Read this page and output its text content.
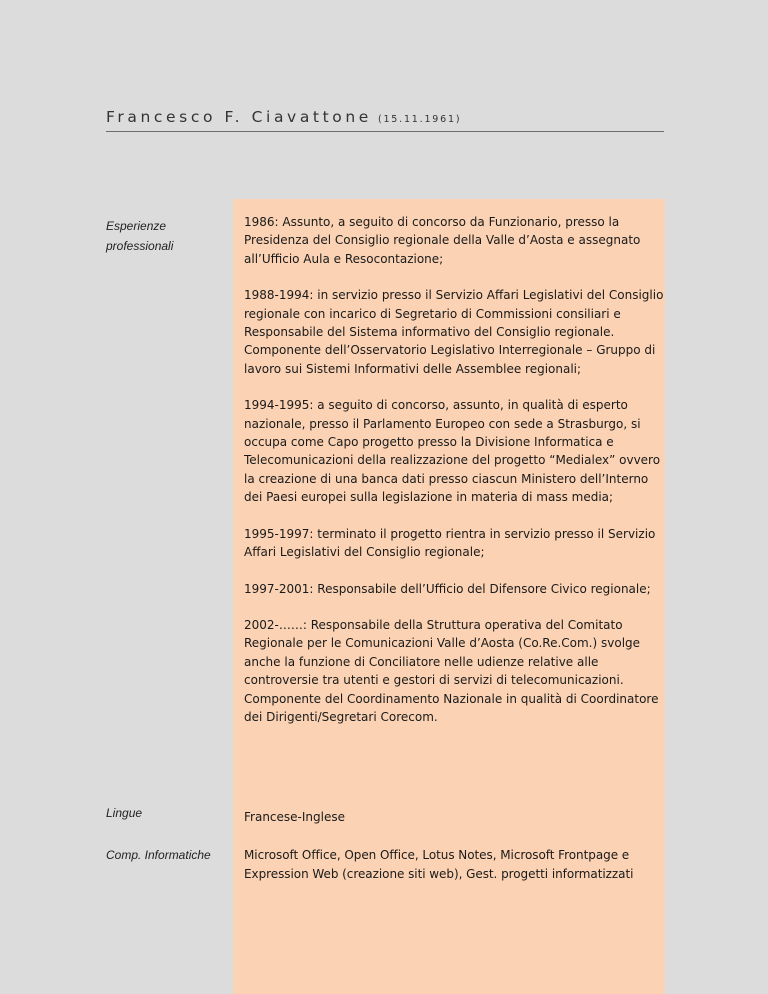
Francesco F. Ciavattone (15.11.1961)
Esperienze
professionali

1986: Assunto, a seguito di concorso da Funzionario, presso la Presidenza del Consiglio regionale della Valle d’Aosta e assegnato all’Ufficio Aula e Resocontazione;

1988-1994: in servizio presso il Servizio Affari Legislativi del Consiglio regionale con incarico di Segretario di Commissioni consiliari e Responsabile del Sistema informativo del Consiglio regionale. Componente dell’Osservatorio Legislativo Interregionale – Gruppo di lavoro sui Sistemi Informativi delle Assemblee regionali;

1994-1995: a seguito di concorso, assunto, in qualità di esperto nazionale, presso il Parlamento Europeo con sede a Strasburgo, si occupa come Capo progetto presso la Divisione Informatica e Telecomunicazioni della realizzazione del progetto “Medialex” ovvero la creazione di una banca dati presso ciascun Ministero dell’Interno dei Paesi europei sulla legislazione in materia di mass media;

1995-1997: terminato il progetto rientra in servizio presso il Servizio Affari Legislativi del Consiglio regionale;

1997-2001: Responsabile dell’Ufficio del Difensore Civico regionale;

2002-……: Responsabile della Struttura operativa del Comitato Regionale per le Comunicazioni Valle d’Aosta (Co.Re.Com.) svolge anche la funzione di Conciliatore nelle udienze relative alle controversie tra utenti e gestori di servizi di telecomunicazioni. Componente del Coordinamento Nazionale in qualità di Coordinatore dei Dirigenti/Segretari Corecom.

Lingue	Francese-Inglese
Comp. Informatiche	Microsoft Office, Open Office, Lotus Notes, Microsoft Frontpage e
Expression Web (creazione siti web), Gest. progetti informatizzati
